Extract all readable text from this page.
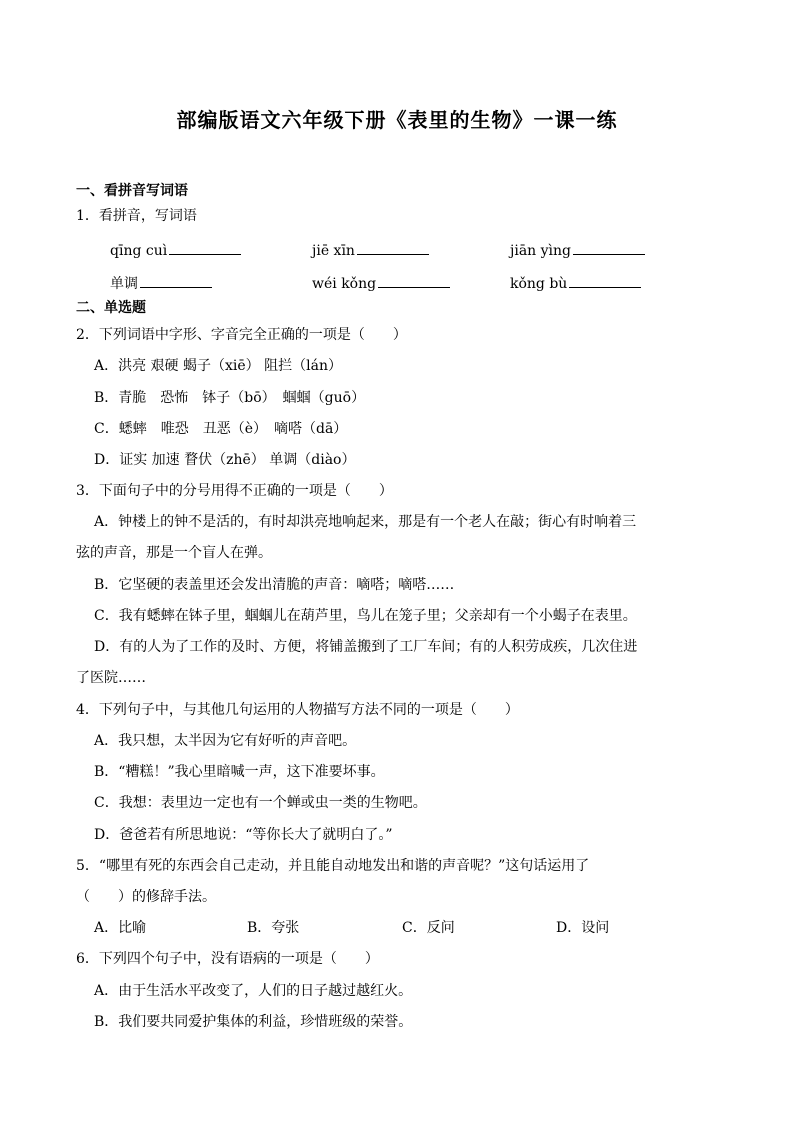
部编版语文六年级下册《表里的生物》一课一练
一、看拼音写词语
1．看拼音，写词语
qīng cuì	jiē xīn	jiān yìng
单调	wéi kǒng	kǒng bù
二、单选题
2．下列词语中字形、字音完全正确的一项是（　　）
A．洪亮 艰硬 蝎子（xiē） 阻拦（lán）
B．青脆　恐怖　钵子（bō）　蝈蝈（guō）
C．蟋蟀　唯恐　丑恶（è）　嘀嗒（dā）
D．证实 加速 瞀伏（zhē） 单调（diào）
3．下面句子中的分号用得不正确的一项是（　　）
A．钟楼上的钟不是活的，有时却洪亮地响起来，那是有一个老人在敲；街心有时响着三
弦的声音，那是一个盲人在弹。
B．它坚硬的表盖里还会发出清脆的声音：嘀嗒；嘀嗒……
C．我有蟋蟀在钵子里，蝈蝈儿在葫芦里，鸟儿在笼子里；父亲却有一个小蝎子在表里。
D．有的人为了工作的及时、方便，将铺盖搬到了工厂车间；有的人积劳成疾，几次住进
了医院……
4．下列句子中，与其他几句运用的人物描写方法不同的一项是（　　）
A．我只想，太半因为它有好听的声音吧。
B．“糟糕！”我心里暗喊一声，这下准要坏事。
C．我想：表里边一定也有一个蝉或虫一类的生物吧。
D．爸爸若有所思地说：“等你长大了就明白了。”
5．“哪里有死的东西会自己走动，并且能自动地发出和谐的声音呢？”这句话运用了
（　　）的修辞手法。
A．比喻	B．夸张	C．反问	D．设问
6．下列四个句子中，没有语病的一项是（　　）
A．由于生活水平改变了，人们的日子越过越红火。
B．我们要共同爱护集体的利益，珍惜班级的荣誉。
